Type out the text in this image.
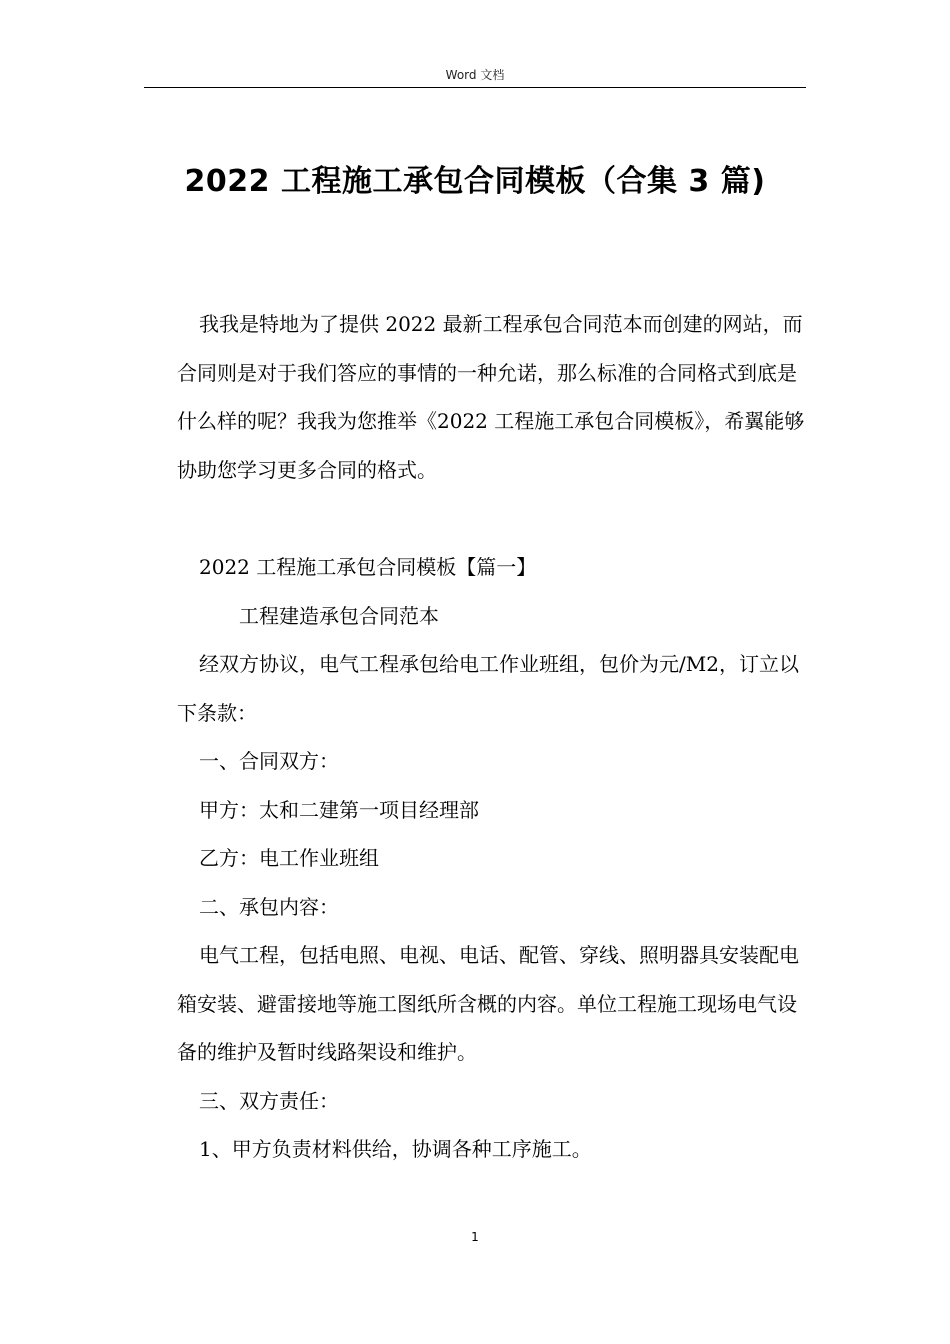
Word 文档
2022 工程施工承包合同模板（合集 3 篇)

我我是特地为了提供 2022 最新工程承包合同范本而创建的网站，而合同则是对于我们答应的事情的一种允诺，那么标准的合同格式到底是什么样的呢？我我为您推举《2022 工程施工承包合同模板》，希翼能够协助您学习更多合同的格式。

2022 工程施工承包合同模板【篇一】

工程建造承包合同范本

经双方协议，电气工程承包给电工作业班组，包价为元/M2，订立以下条款：

一、合同双方：

甲方：太和二建第一项目经理部

乙方：电工作业班组

二、承包内容：

电气工程，包括电照、电视、电话、配管、穿线、照明器具安装配电箱安装、避雷接地等施工图纸所含概的内容。单位工程施工现场电气设备的维护及暂时线路架设和维护。

三、双方责任：

1、甲方负责材料供给，协调各种工序施工。

1
